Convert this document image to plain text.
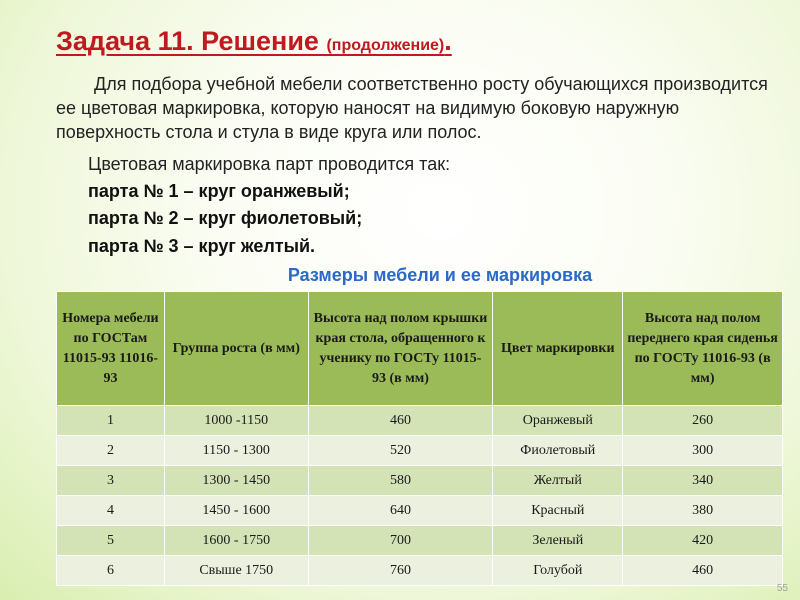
Задача 11. Решение (продолжение).

Для подбора учебной мебели соответственно росту обучающихся производится ее цветовая маркировка, которую наносят на видимую боковую наружную поверхность стола и стула в виде круга или полос.

Цветовая маркировка парт проводится так:

парта № 1 – круг оранжевый;

парта № 2 – круг фиолетовый;

парта № 3 – круг желтый.

Размеры мебели и ее маркировка

Номера мебели по ГОСТам 11015-93 11016-93	Группа роста (в мм)	Высота над полом крышки края стола, обращенного к ученику по ГОСТу 11015-93 (в мм)	Цвет маркировки	Высота над полом переднего края сиденья по ГОСТу 11016-93 (в мм)
1	1000 -1150	460	Оранжевый	260
2	1150 - 1300	520	Фиолетовый	300
3	1300 - 1450	580	Желтый	340
4	1450 - 1600	640	Красный	380
5	1600 - 1750	700	Зеленый	420
6	Свыше 1750	760	Голубой	460
55
